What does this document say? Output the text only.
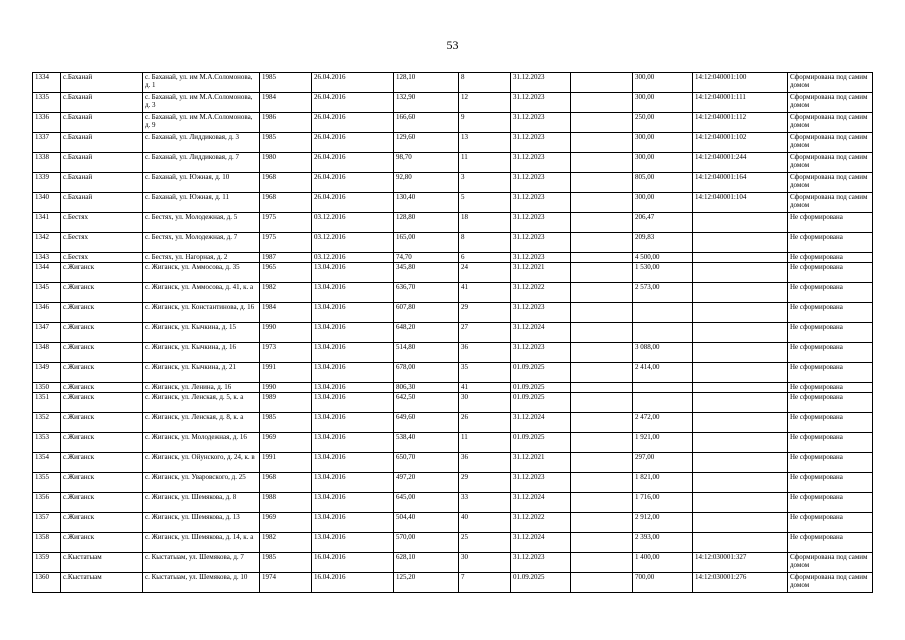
53
1334	с.Баханай	с. Баханай, ул. им М.А.Соломонова, д. 1	1985	26.04.2016	128,10	8	31.12.2023		300,00	14:12:040001:100	Сформирована под самим домом
1335	с.Баханай	с. Баханай, ул. им М.А.Соломонова, д. 3	1984	26.04.2016	132,90	12	31.12.2023		300,00	14:12:040001:111	Сформирована под самим домом
1336	с.Баханай	с. Баханай, ул. им М.А.Соломонова, д. 9	1986	26.04.2016	166,60	9	31.12.2023		250,00	14:12:040001:112	Сформирована под самим домом
1337	с.Баханай	с. Баханай, ул. Лиддиковая, д. 3	1985	26.04.2016	129,60	13	31.12.2023		300,00	14:12:040001:102	Сформирована под самим домом
1338	с.Баханай	с. Баханай, ул. Лиддиковая, д. 7	1980	26.04.2016	98,70	11	31.12.2023		300,00	14:12:040001:244	Сформирована под самим домом
1339	с.Баханай	с. Баханай, ул. Южная, д. 10	1968	26.04.2016	92,80	3	31.12.2023		805,00	14:12:040001:164	Сформирована под самим домом
1340	с.Баханай	с. Баханай, ул. Южная, д. 11	1968	26.04.2016	130,40	5	31.12.2023		300,00	14:12:040001:104	Сформирована под самим домом
1341	с.Бестях	с. Бестях, ул. Молодежная, д. 5	1975	03.12.2016	128,80	18	31.12.2023		206,47		Не сформирована
1342	с.Бестях	с. Бестях, ул. Молодежная, д. 7	1975	03.12.2016	165,00	8	31.12.2023		209,83		Не сформирована
1343	с.Бестях	с. Бестях, ул. Нагорная, д. 2	1987	03.12.2016	74,70	6	31.12.2023		4 500,00		Не сформирована
1344	с.Жиганск	с. Жиганск, ул. Аммосова, д. 35	1965	13.04.2016	345,80	24	31.12.2021		1 530,00		Не сформирована
1345	с.Жиганск	с. Жиганск, ул. Аммосова, д. 41, к. а	1982	13.04.2016	636,70	41	31.12.2022		2 573,00		Не сформирована
1346	с.Жиганск	с. Жиганск, ул. Константинова, д. 16	1984	13.04.2016	607,80	29	31.12.2023				Не сформирована
1347	с.Жиганск	с. Жиганск, ул. Кычкина, д. 15	1990	13.04.2016	648,20	27	31.12.2024				Не сформирована
1348	с.Жиганск	с. Жиганск, ул. Кычкина, д. 16	1973	13.04.2016	514,80	36	31.12.2023		3 088,00		Не сформирована
1349	с.Жиганск	с. Жиганск, ул. Кычкина, д. 21	1991	13.04.2016	678,00	35	01.09.2025		2 414,00		Не сформирована
1350	с.Жиганск	с. Жиганск, ул. Ленина, д. 16	1990	13.04.2016	806,30	41	01.09.2025				Не сформирована
1351	с.Жиганск	с. Жиганск, ул. Ленская, д. 5, к. а	1989	13.04.2016	642,50	30	01.09.2025				Не сформирована
1352	с.Жиганск	с. Жиганск, ул. Ленская, д. 8, к. а	1985	13.04.2016	649,60	26	31.12.2024		2 472,00		Не сформирована
1353	с.Жиганск	с. Жиганск, ул. Молодежная, д. 16	1969	13.04.2016	538,40	11	01.09.2025		1 921,00		Не сформирована
1354	с.Жиганск	с. Жиганск, ул. Ойунского, д. 24, к. в	1991	13.04.2016	650,70	36	31.12.2021		297,00		Не сформирована
1355	с.Жиганск	с. Жиганск, ул. Уваровского, д. 25	1968	13.04.2016	497,20	29	31.12.2023		1 821,00		Не сформирована
1356	с.Жиганск	с. Жиганск, ул. Шемякова, д. 8	1988	13.04.2016	645,00	33	31.12.2024		1 716,00		Не сформирована
1357	с.Жиганск	с. Жиганск, ул. Шемякова, д. 13	1969	13.04.2016	504,40	40	31.12.2022		2 912,00		Не сформирована
1358	с.Жиганск	с. Жиганск, ул. Шемякова, д. 14, к. а	1982	13.04.2016	570,00	25	31.12.2024		2 393,00		Не сформирована
1359	с.Кыстатыам	с. Кыстатыам, ул. Шемякова, д. 7	1985	16.04.2016	628,10	30	31.12.2023		1 400,00	14:12:030001:327	Сформирована под самим домом
1360	с.Кыстатыам	с. Кыстатыам, ул. Шемякова, д. 10	1974	16.04.2016	125,20	7	01.09.2025		700,00	14:12:030001:276	Сформирована под самим домом
